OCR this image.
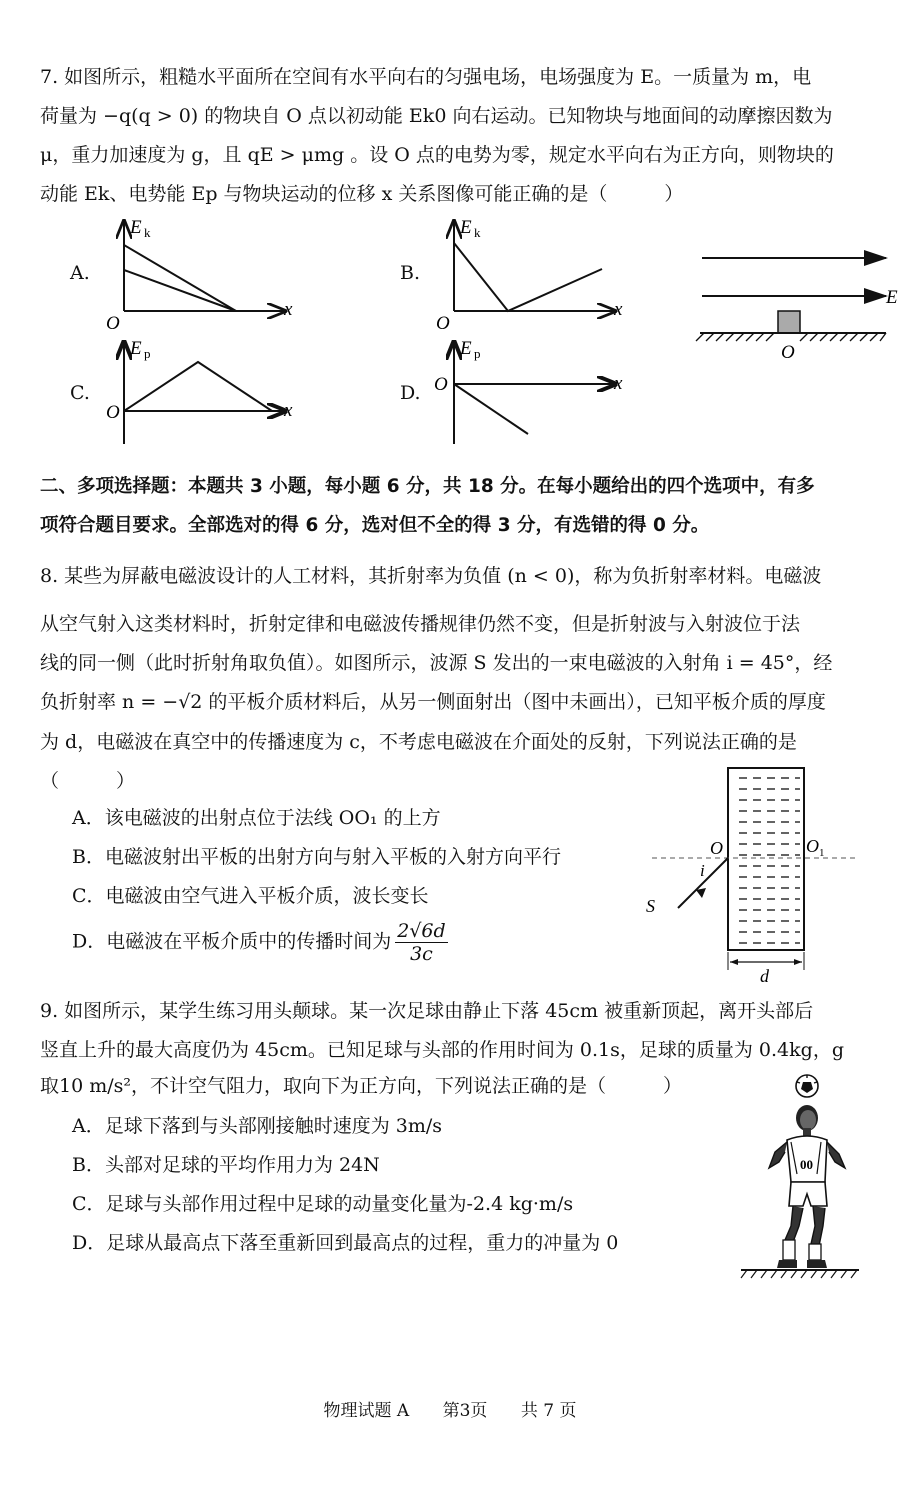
7. 如图所示，粗糙水平面所在空间有水平向右的匀强电场，电场强度为 E。一质量为 m，电
荷量为 −q(q > 0) 的物块自 O 点以初动能 Ek0 向右运动。已知物块与地面间的动摩擦因数为
μ，重力加速度为 g，且 qE > μmg 。设 O 点的电势为零，规定水平向右为正方向，则物块的
动能 Ek、电势能 Ep 与物块运动的位移 x 关系图像可能正确的是（　　　）
A.	B.
C.	D.
E k
O
x
E k
O
x
E p
O	x
E p
O	x
E
O
二、多项选择题：本题共 3 小题，每小题 6 分，共 18 分。在每小题给出的四个选项中，有多
项符合题目要求。全部选对的得 6 分，选对但不全的得 3 分，有选错的得 0 分。
8. 某些为屏蔽电磁波设计的人工材料，其折射率为负值 (n < 0)，称为负折射率材料。电磁波
从空气射入这类材料时，折射定律和电磁波传播规律仍然不变，但是折射波与入射波位于法
线的同一侧（此时折射角取负值）。如图所示，波源 S 发出的一束电磁波的入射角 i = 45°，经
负折射率 n = −√2 的平板介质材料后，从另一侧面射出（图中未画出），已知平板介质的厚度
为 d，电磁波在真空中的传播速度为 c，不考虑电磁波在介面处的反射，下列说法正确的是
（　　　）
A．该电磁波的出射点位于法线 OO₁ 的上方
B．电磁波射出平板的出射方向与射入平板的入射方向平行
C．电磁波由空气进入平板介质，波长变长
D．电磁波在平板介质中的传播时间为 $\frac{2√6d}{3c}$
O	O 1
i
S
d
9. 如图所示，某学生练习用头颠球。某一次足球由静止下落 45cm 被重新顶起，离开头部后
竖直上升的最大高度仍为 45cm。已知足球与头部的作用时间为 0.1s，足球的质量为 0.4kg，g
取10 m/s²，不计空气阻力，取向下为正方向，下列说法正确的是（　　　）
A．足球下落到与头部刚接触时速度为 3m/s
B．头部对足球的平均作用力为 24N
C．足球与头部作用过程中足球的动量变化量为-2.4 kg·m/s
D．足球从最高点下落至重新回到最高点的过程，重力的冲量为 0
00
物理试题 A 第3页 共 7 页
